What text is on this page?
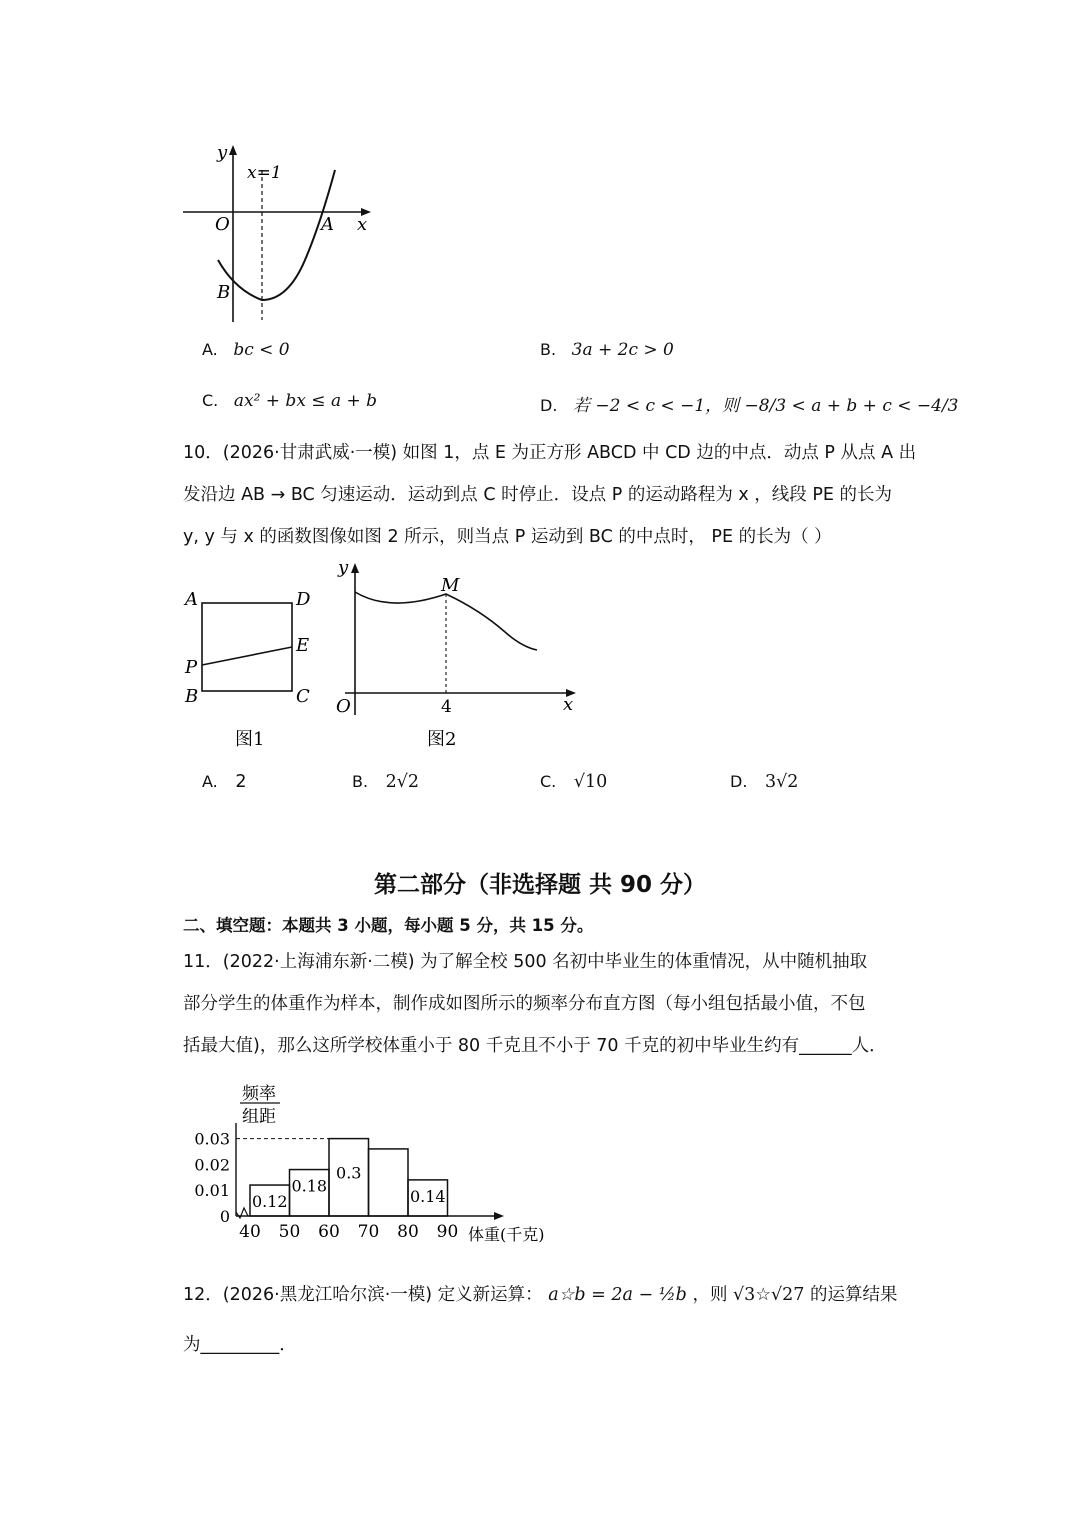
y
x=1
O	A x
B
A. bc < 0	B. 3a + 2c > 0
C. ax² + bx ≤ a + b	D. 若 −2 < c < −1，则 −8/3 < a + b + c < −4/3
10．(2026·甘肃武威·一模) 如图 1，点 E 为正方形 ABCD 中 CD 边的中点．动点 P 从点 A 出
发沿边 AB → BC 匀速运动．运动到点 C 时停止．设点 P 的运动路程为 x ，线段 PE 的长为
y, y 与 x 的函数图像如图 2 所示，则当点 P 运动到 BC 的中点时， PE 的长为（ ）
A	D
E
P
B	C
图1
y
M
O	4	x
图2
A. 2	B. 2√2	C. √10	D. 3√2
第二部分（非选择题 共 90 分）
二、填空题：本题共 3 小题，每小题 5 分，共 15 分。
11．(2022·上海浦东新·二模) 为了解全校 500 名初中毕业生的体重情况，从中随机抽取
部分学生的体重作为样本，制作成如图所示的频率分布直方图（每小组包括最小值，不包
括最大值)，那么这所学校体重小于 80 千克且不小于 70 千克的初中毕业生约有______人．
频率
组距
0
0.01
0.02
0.03
0.12
0.18
0.3
0.14
40 50 60 70 80 90 体重(千克)
12．(2026·黑龙江哈尔滨·一模) 定义新运算： a☆b = 2a − ½b ，则 √3☆√27 的运算结果
为_________．
